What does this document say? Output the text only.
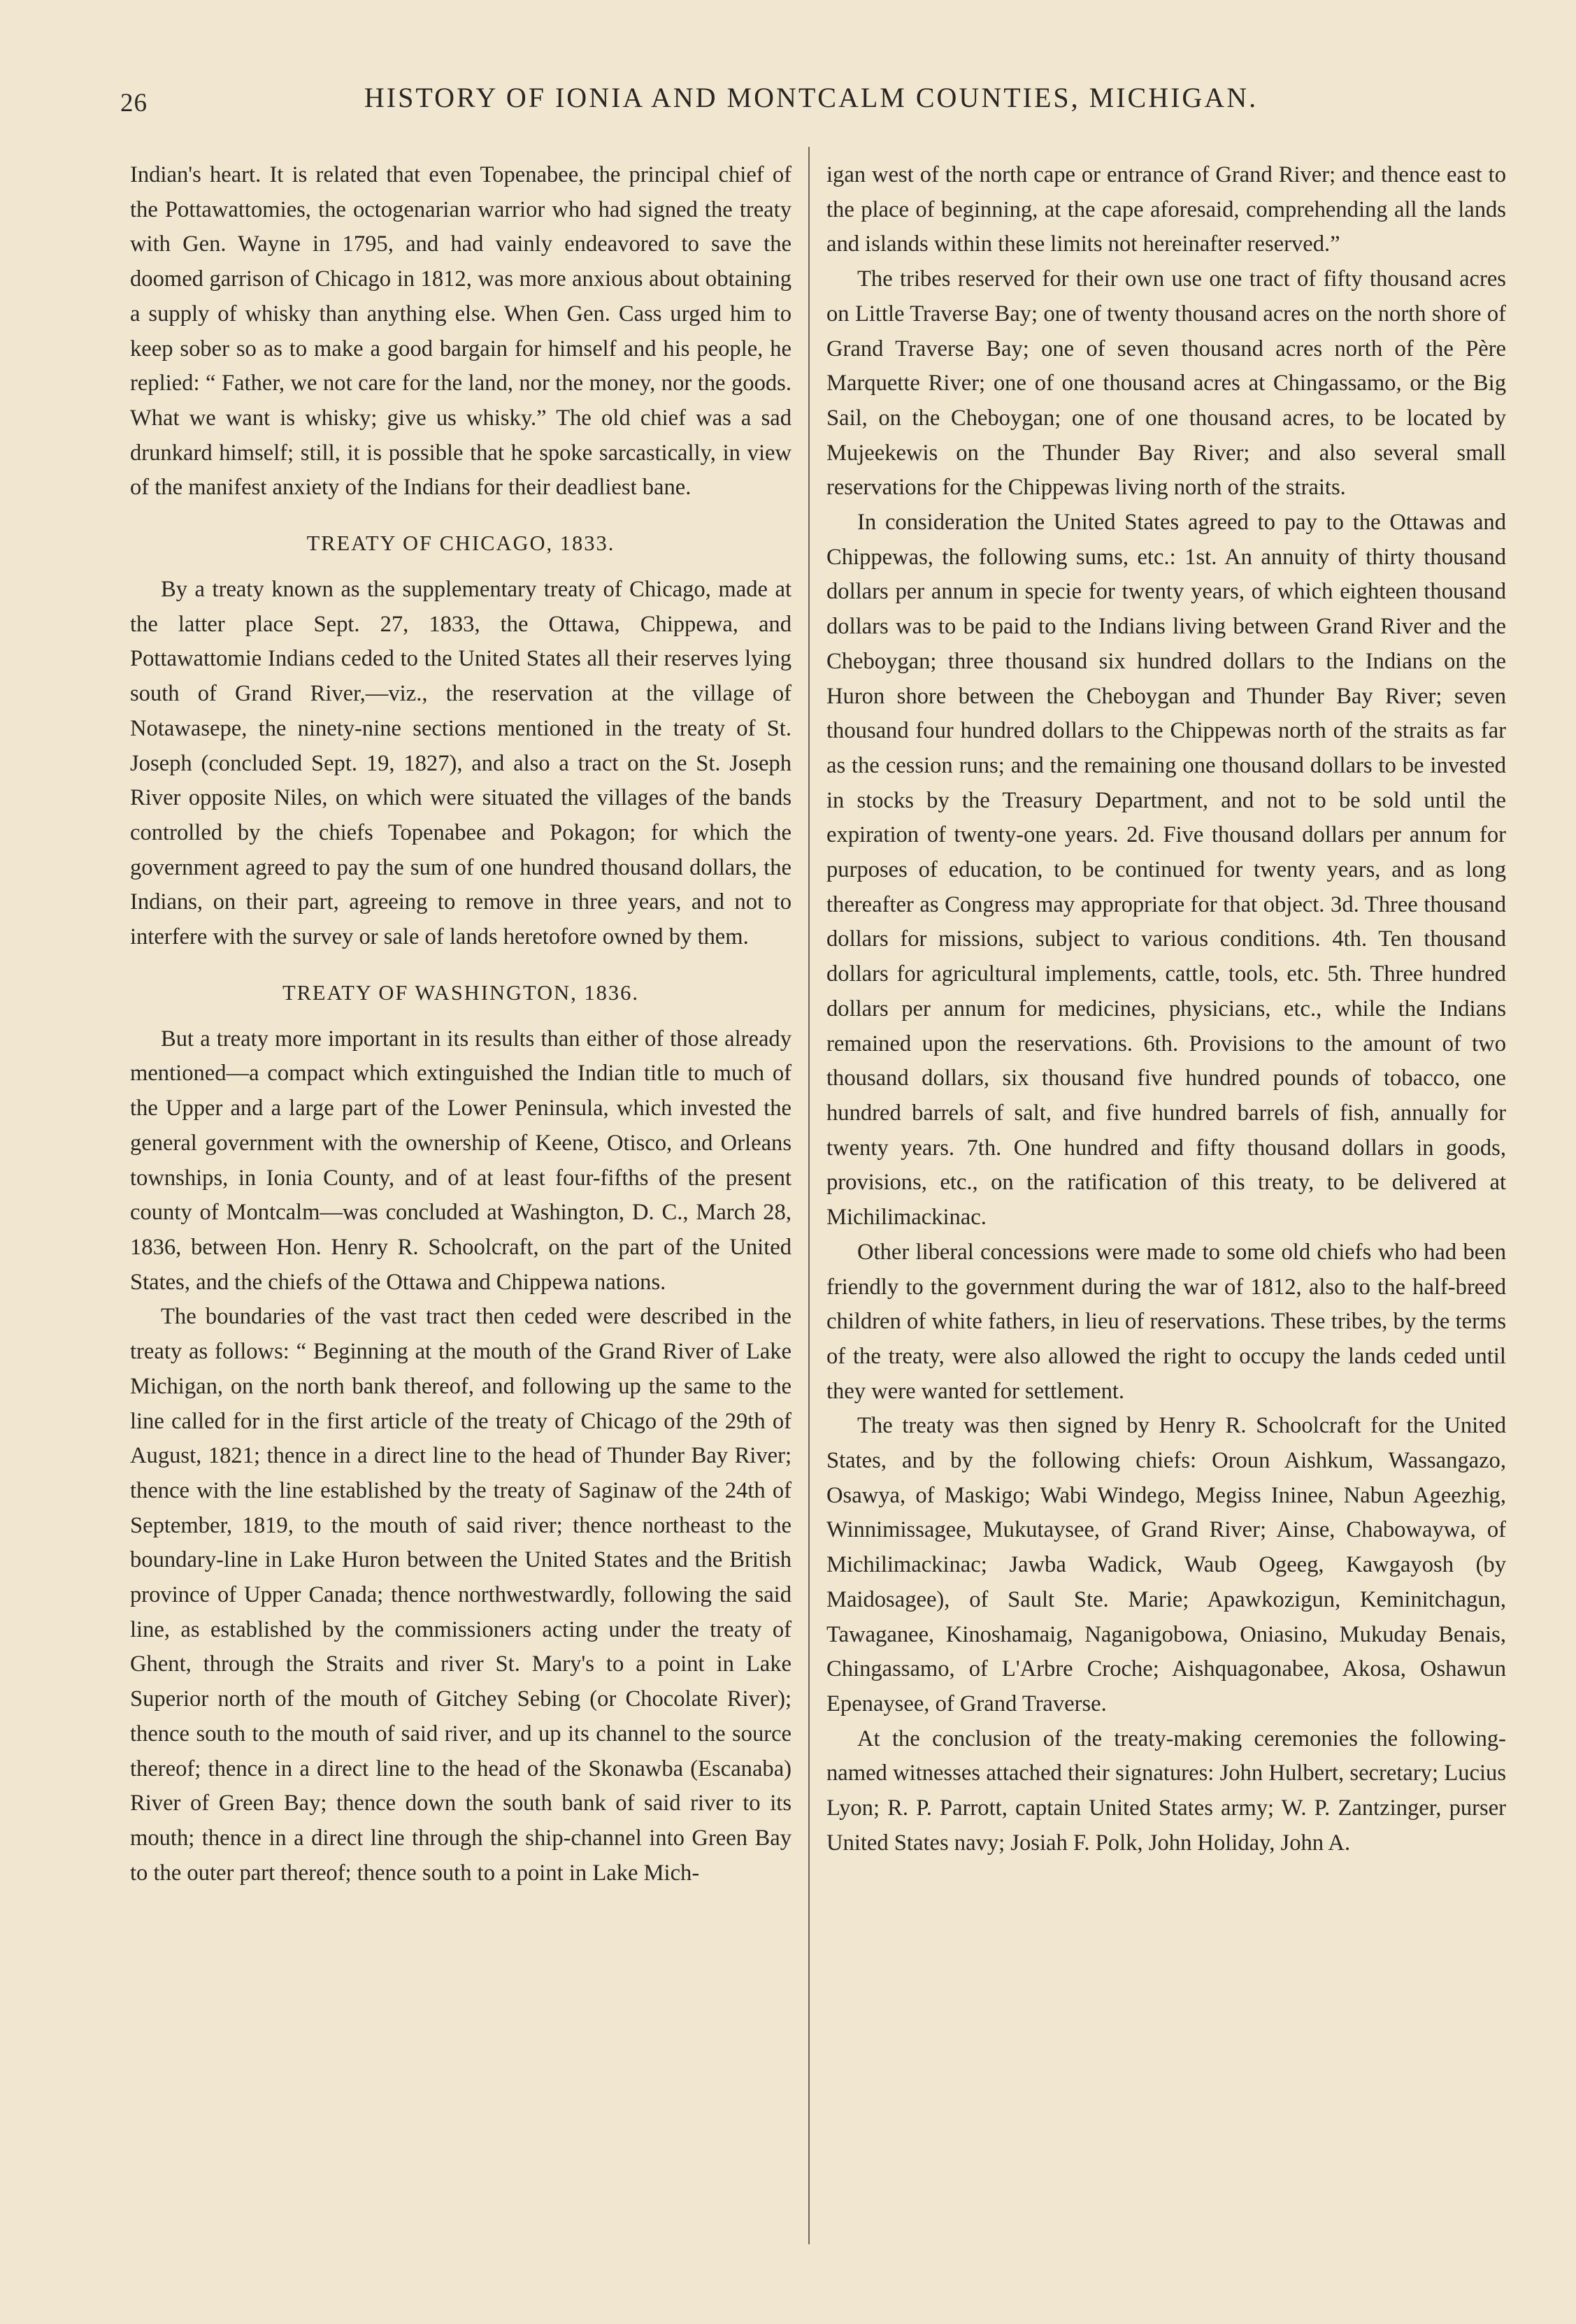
26	HISTORY OF IONIA AND MONTCALM COUNTIES, MICHIGAN.

Indian's heart. It is related that even Topenabee, the principal chief of the Pottawattomies, the octogenarian warrior who had signed the treaty with Gen. Wayne in 1795, and had vainly endeavored to save the doomed garrison of Chicago in 1812, was more anxious about obtaining a supply of whisky than anything else. When Gen. Cass urged him to keep sober so as to make a good bargain for himself and his people, he replied: “ Father, we not care for the land, nor the money, nor the goods. What we want is whisky; give us whisky.” The old chief was a sad drunkard himself; still, it is possible that he spoke sarcastically, in view of the manifest anxiety of the Indians for their deadliest bane.

TREATY OF CHICAGO, 1833.

By a treaty known as the supplementary treaty of Chicago, made at the latter place Sept. 27, 1833, the Ottawa, Chippewa, and Pottawattomie Indians ceded to the United States all their reserves lying south of Grand River,—viz., the reservation at the village of Notawasepe, the ninety-nine sections mentioned in the treaty of St. Joseph (concluded Sept. 19, 1827), and also a tract on the St. Joseph River opposite Niles, on which were situated the villages of the bands controlled by the chiefs Topenabee and Pokagon; for which the government agreed to pay the sum of one hundred thousand dollars, the Indians, on their part, agreeing to remove in three years, and not to interfere with the survey or sale of lands heretofore owned by them.

TREATY OF WASHINGTON, 1836.

But a treaty more important in its results than either of those already mentioned—a compact which extinguished the Indian title to much of the Upper and a large part of the Lower Peninsula, which invested the general government with the ownership of Keene, Otisco, and Orleans townships, in Ionia County, and of at least four-fifths of the present county of Montcalm—was concluded at Washington, D. C., March 28, 1836, between Hon. Henry R. Schoolcraft, on the part of the United States, and the chiefs of the Ottawa and Chippewa nations.

The boundaries of the vast tract then ceded were described in the treaty as follows: “ Beginning at the mouth of the Grand River of Lake Michigan, on the north bank thereof, and following up the same to the line called for in the first article of the treaty of Chicago of the 29th of August, 1821; thence in a direct line to the head of Thunder Bay River; thence with the line established by the treaty of Saginaw of the 24th of September, 1819, to the mouth of said river; thence northeast to the boundary-line in Lake Huron between the United States and the British province of Upper Canada; thence northwestwardly, following the said line, as established by the commissioners acting under the treaty of Ghent, through the Straits and river St. Mary's to a point in Lake Superior north of the mouth of Gitchey Sebing (or Chocolate River); thence south to the mouth of said river, and up its channel to the source thereof; thence in a direct line to the head of the Skonawba (Escanaba) River of Green Bay; thence down the south bank of said river to its mouth; thence in a direct line through the ship-channel into Green Bay to the outer part thereof; thence south to a point in Lake Mich-

igan west of the north cape or entrance of Grand River; and thence east to the place of beginning, at the cape aforesaid, comprehending all the lands and islands within these limits not hereinafter reserved.”

The tribes reserved for their own use one tract of fifty thousand acres on Little Traverse Bay; one of twenty thousand acres on the north shore of Grand Traverse Bay; one of seven thousand acres north of the Père Marquette River; one of one thousand acres at Chingassamo, or the Big Sail, on the Cheboygan; one of one thousand acres, to be located by Mujeekewis on the Thunder Bay River; and also several small reservations for the Chippewas living north of the straits.

In consideration the United States agreed to pay to the Ottawas and Chippewas, the following sums, etc.: 1st. An annuity of thirty thousand dollars per annum in specie for twenty years, of which eighteen thousand dollars was to be paid to the Indians living between Grand River and the Cheboygan; three thousand six hundred dollars to the Indians on the Huron shore between the Cheboygan and Thunder Bay River; seven thousand four hundred dollars to the Chippewas north of the straits as far as the cession runs; and the remaining one thousand dollars to be invested in stocks by the Treasury Department, and not to be sold until the expiration of twenty-one years. 2d. Five thousand dollars per annum for purposes of education, to be continued for twenty years, and as long thereafter as Congress may appropriate for that object. 3d. Three thousand dollars for missions, subject to various conditions. 4th. Ten thousand dollars for agricultural implements, cattle, tools, etc. 5th. Three hundred dollars per annum for medicines, physicians, etc., while the Indians remained upon the reservations. 6th. Provisions to the amount of two thousand dollars, six thousand five hundred pounds of tobacco, one hundred barrels of salt, and five hundred barrels of fish, annually for twenty years. 7th. One hundred and fifty thousand dollars in goods, provisions, etc., on the ratification of this treaty, to be delivered at Michilimackinac.

Other liberal concessions were made to some old chiefs who had been friendly to the government during the war of 1812, also to the half-breed children of white fathers, in lieu of reservations. These tribes, by the terms of the treaty, were also allowed the right to occupy the lands ceded until they were wanted for settlement.

The treaty was then signed by Henry R. Schoolcraft for the United States, and by the following chiefs: Oroun Aishkum, Wassangazo, Osawya, of Maskigo; Wabi Windego, Megiss Ininee, Nabun Ageezhig, Winnimissagee, Mukutaysee, of Grand River; Ainse, Chabowaywa, of Michilimackinac; Jawba Wadick, Waub Ogeeg, Kawgayosh (by Maidosagee), of Sault Ste. Marie; Apawkozigun, Keminitchagun, Tawaganee, Kinoshamaig, Naganigobowa, Oniasino, Mukuday Benais, Chingassamo, of L'Arbre Croche; Aishquagonabee, Akosa, Oshawun Epenaysee, of Grand Traverse.

At the conclusion of the treaty-making ceremonies the following-named witnesses attached their signatures: John Hulbert, secretary; Lucius Lyon; R. P. Parrott, captain United States army; W. P. Zantzinger, purser United States navy; Josiah F. Polk, John Holiday, John A.
